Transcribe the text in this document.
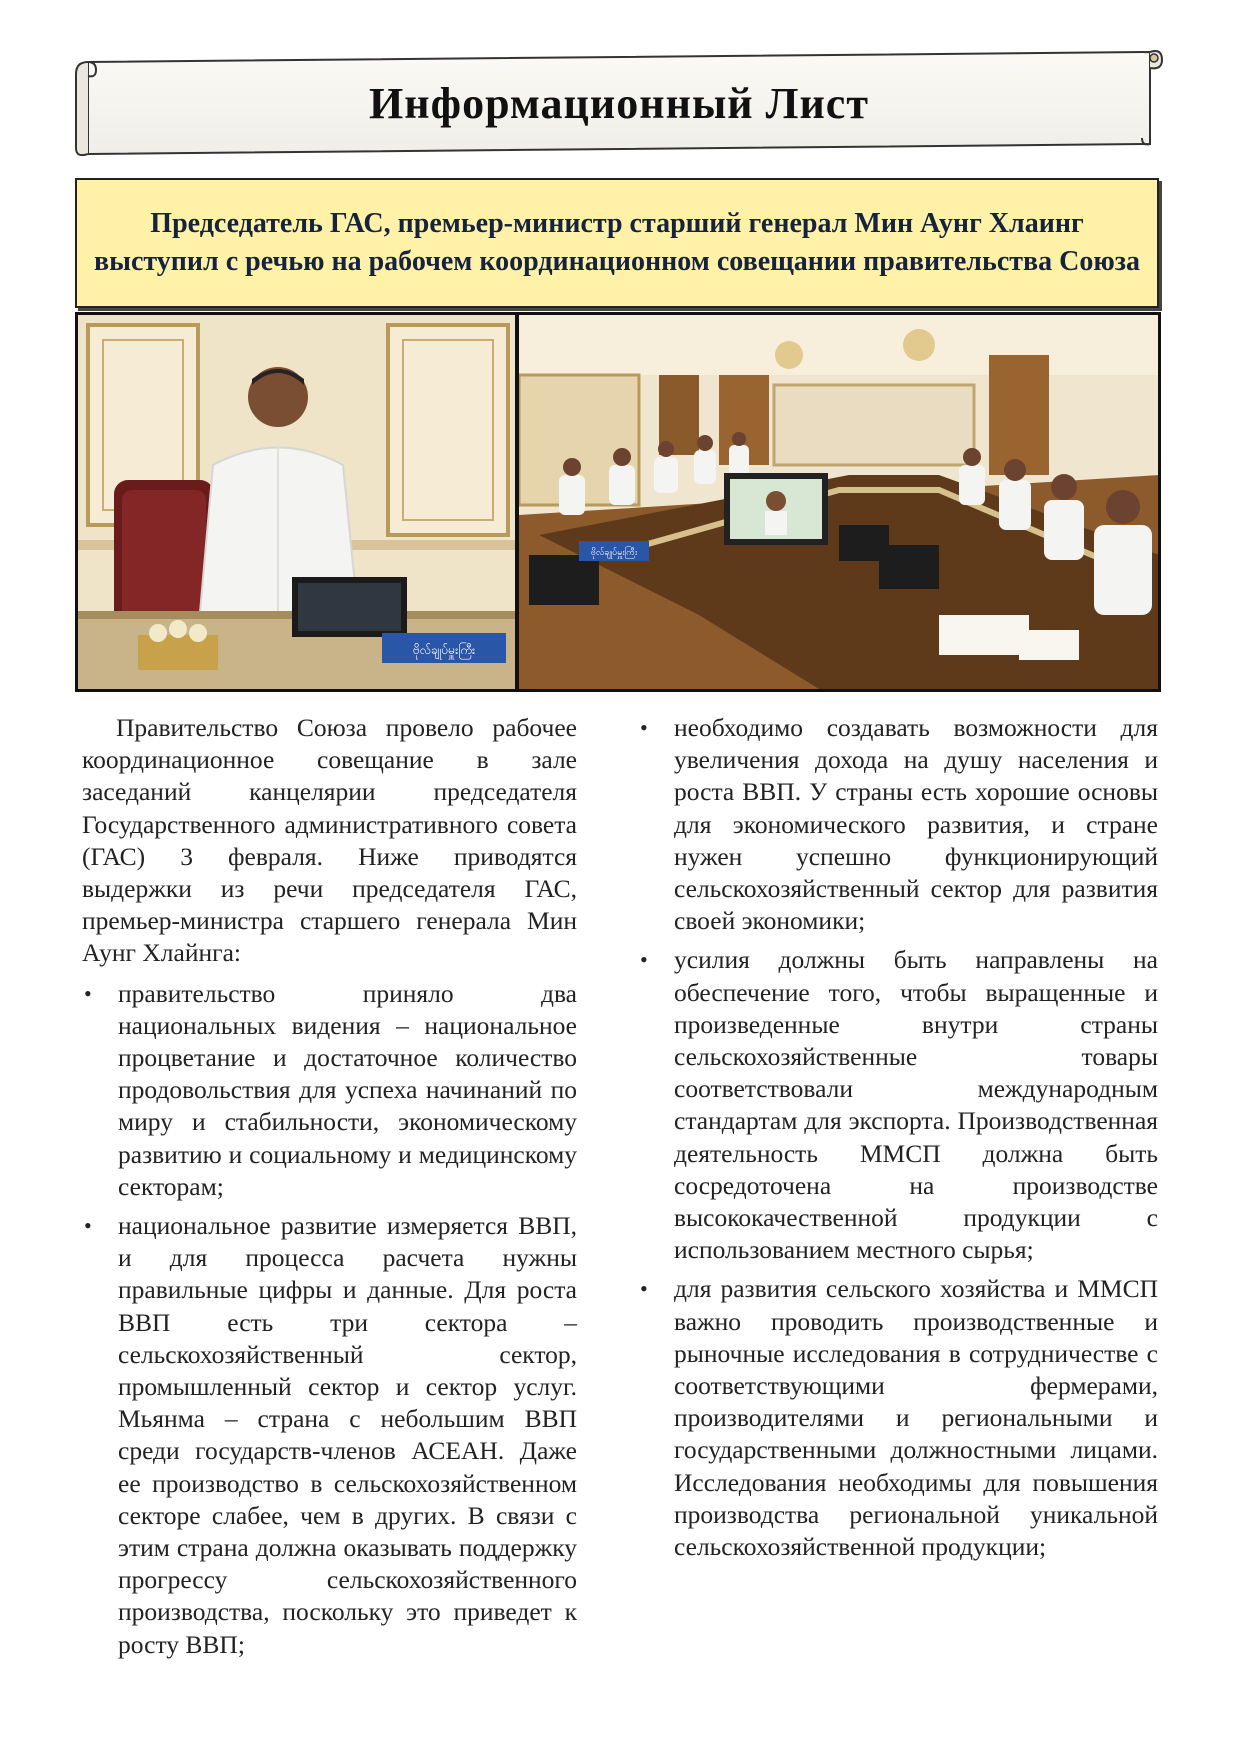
Информационный Лист
Председатель ГАС, премьер-министр старший генерал Мин Аунг Хлаинг выступил с речью на рабочем координационном совещании правительства Союза
ဗိုလ်ချုပ်မှူးကြီး
ဗိုလ်ချုပ်မှူးကြီး

Правительство Союза провело рабочее координационное совещание в зале заседаний канцелярии председателя Государственного административного совета (ГАС) 3 февраля. Ниже приводятся выдержки из речи председателя ГАС, премьер-министра старшего генерала Мин Аунг Хлайнга:

• правительство приняло два национальных видения – национальное процветание и достаточное количество продовольствия для успеха начинаний по миру и стабильности, экономическому развитию и социальному и медицинскому секторам;
• национальное развитие измеряется ВВП, и для процесса расчета нужны правильные цифры и данные. Для роста ВВП есть три сектора – сельскохозяйственный сектор, промышленный сектор и сектор услуг. Мьянма – страна с небольшим ВВП среди государств-членов АСЕАН. Даже ее производство в сельскохозяйственном секторе слабее, чем в других. В связи с этим страна должна оказывать поддержку прогрессу сельскохозяйственного производства, поскольку это приведет к росту ВВП;
• необходимо создавать возможности для увеличения дохода на душу населения и роста ВВП. У страны есть хорошие основы для экономического развития, и стране нужен успешно функционирующий сельскохозяйственный сектор для развития своей экономики;
• усилия должны быть направлены на обеспечение того, чтобы выращенные и произведенные внутри страны сельскохозяйственные товары соответствовали международным стандартам для экспорта. Производственная деятельность ММСП должна быть сосредоточена на производстве высококачественной продукции с использованием местного сырья;
• для развития сельского хозяйства и ММСП важно проводить производственные и рыночные исследования в сотрудничестве с соответствующими фермерами, производителями и региональными и государственными должностными лицами. Исследования необходимы для повышения производства региональной уникальной сельскохозяйственной продукции;
